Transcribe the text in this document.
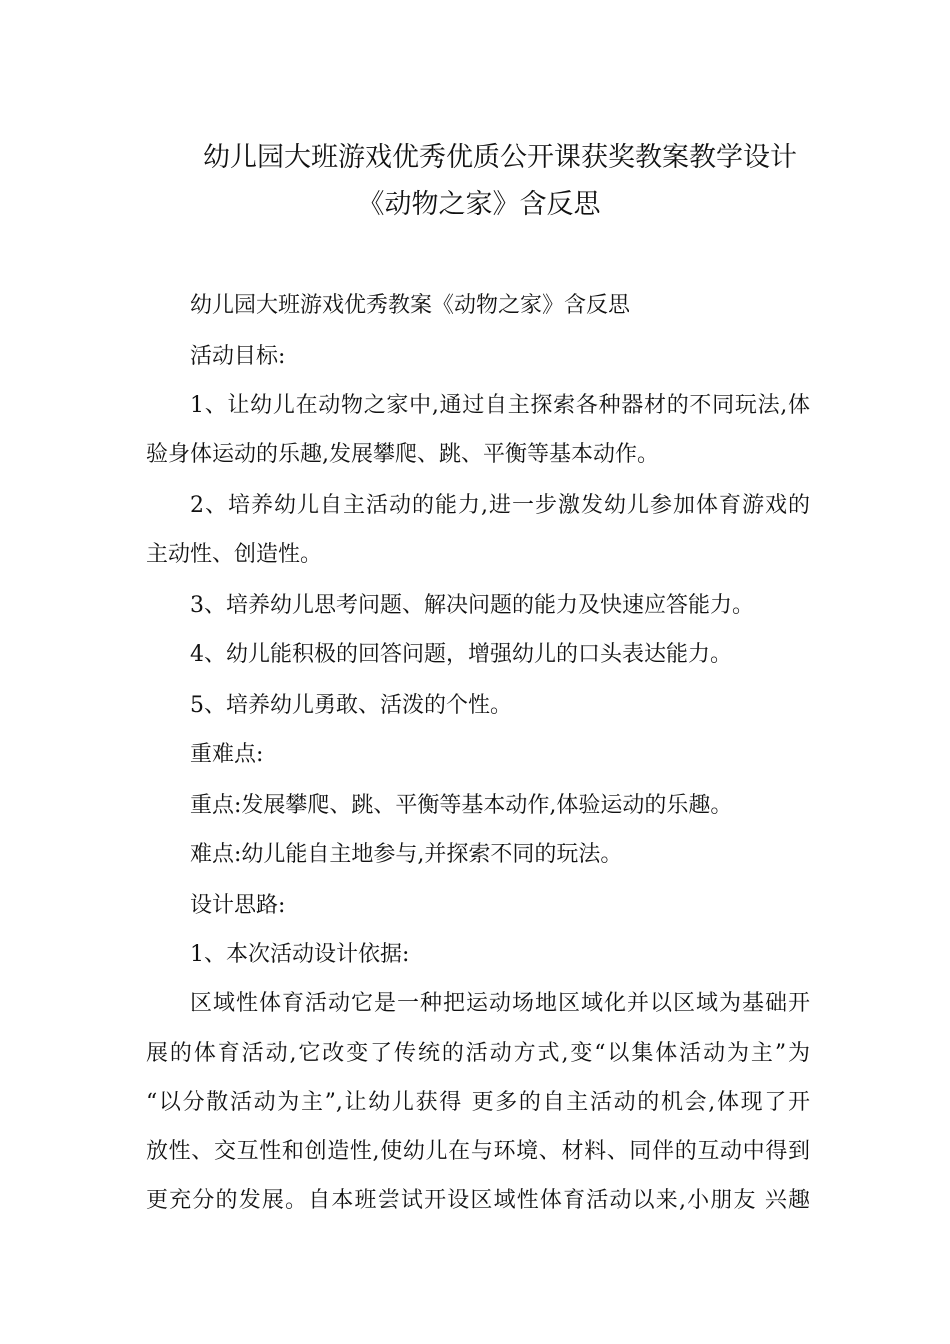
幼儿园大班游戏优秀优质公开课获奖教案教学设计
《动物之家》含反思
幼儿园大班游戏优秀教案《动物之家》含反思
活动目标:
1、让幼儿在动物之家中,通过自主探索各种器材的不同玩法,体
验身体运动的乐趣,发展攀爬、跳、平衡等基本动作。
2、培养幼儿自主活动的能力,进一步激发幼儿参加体育游戏的
主动性、创造性。
3、培养幼儿思考问题、解决问题的能力及快速应答能力。
4、幼儿能积极的回答问题，增强幼儿的口头表达能力。
5、培养幼儿勇敢、活泼的个性。
重难点:
重点:发展攀爬、跳、平衡等基本动作,体验运动的乐趣。
难点:幼儿能自主地参与,并探索不同的玩法。
设计思路:
1、本次活动设计依据:
区域性体育活动它是一种把运动场地区域化并以区域为基础开
展的体育活动,它改变了传统的活动方式,变“以集体活动为主”为
“以分散活动为主”,让幼儿获得 更多的自主活动的机会,体现了开
放性、交互性和创造性,使幼儿在与环境、材料、同伴的互动中得到
更充分的发展。自本班尝试开设区域性体育活动以来,小朋友 兴趣
